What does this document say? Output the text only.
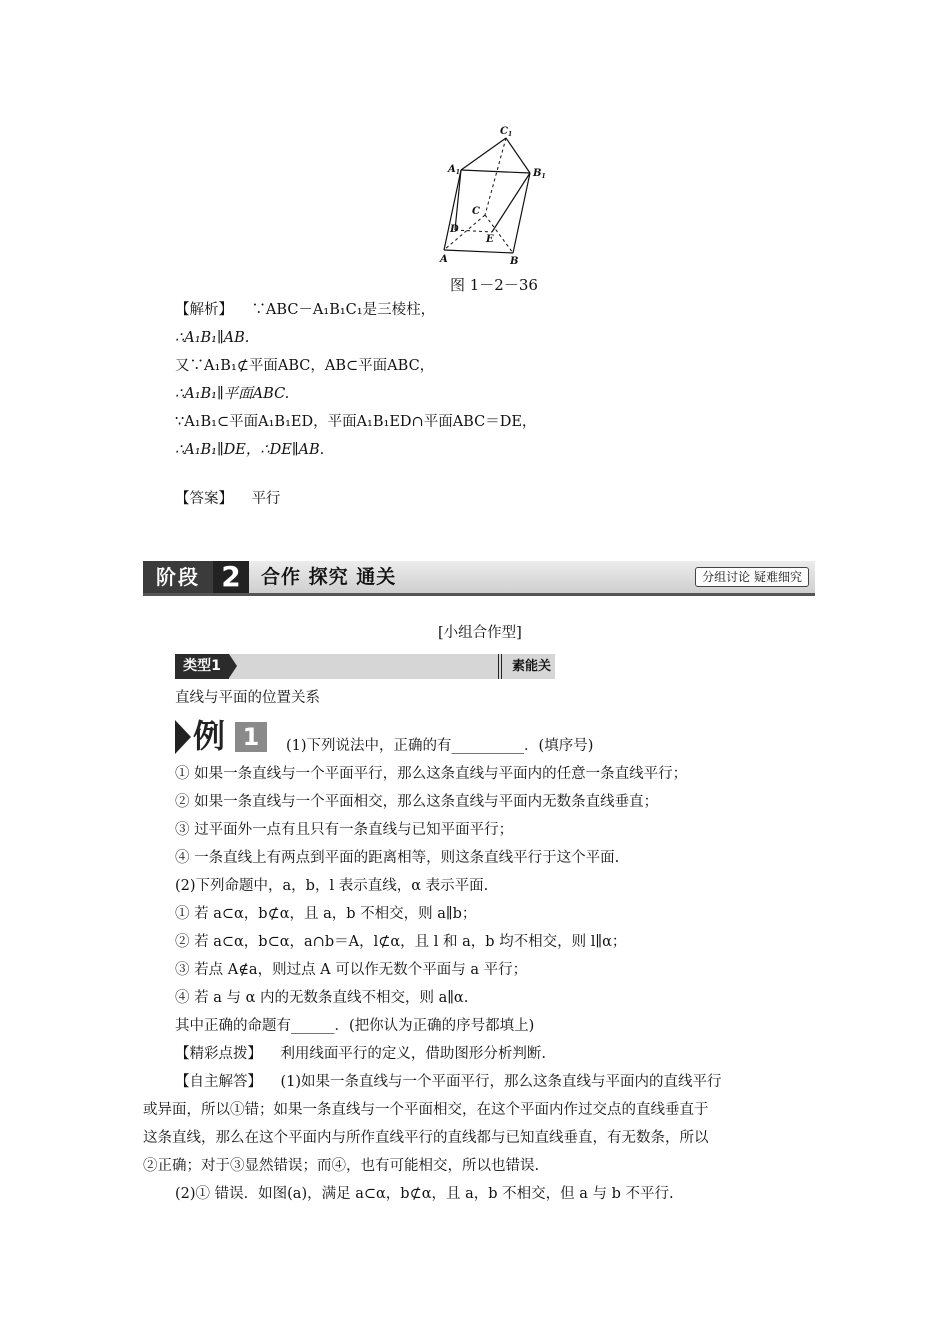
$C_1$
$A_1$	$B_1$
C
D
E
A	B
图 1－2－36
【解析】 ∵ABC－A₁B₁C₁是三棱柱，
∴A₁B₁∥AB.
又∵A₁B₁⊄平面ABC，AB⊂平面ABC，
∴A₁B₁∥平面ABC.
∵A₁B₁⊂平面A₁B₁ED，平面A₁B₁ED∩平面ABC＝DE，
∴A₁B₁∥DE，∴DE∥AB.
【答案】 平行
阶段 2	合作 探究 通关	分组讨论 疑难细究
[小组合作型]
类型1	素能关
直线与平面的位置关系
例 1	(1)下列说法中，正确的有__________．(填序号)
① 如果一条直线与一个平面平行，那么这条直线与平面内的任意一条直线平行；
② 如果一条直线与一个平面相交，那么这条直线与平面内无数条直线垂直；
③ 过平面外一点有且只有一条直线与已知平面平行；
④ 一条直线上有两点到平面的距离相等，则这条直线平行于这个平面.
(2)下列命题中，a，b，l 表示直线，α 表示平面.
① 若 a⊂α，b⊄α，且 a，b 不相交，则 a∥b；
② 若 a⊂α，b⊂α，a∩b＝A，l⊄α，且 l 和 a，b 均不相交，则 l∥α；
③ 若点 A∉a，则过点 A 可以作无数个平面与 a 平行；
④ 若 a 与 α 内的无数条直线不相交，则 a∥α.
其中正确的命题有______．(把你认为正确的序号都填上)
【精彩点拨】 利用线面平行的定义，借助图形分析判断.
【自主解答】 (1)如果一条直线与一个平面平行，那么这条直线与平面内的直线平行
或异面，所以①错；如果一条直线与一个平面相交，在这个平面内作过交点的直线垂直于
这条直线，那么在这个平面内与所作直线平行的直线都与已知直线垂直，有无数条，所以
②正确；对于③显然错误；而④，也有可能相交，所以也错误.
(2)① 错误．如图(a)，满足 a⊂α，b⊄α，且 a，b 不相交，但 a 与 b 不平行.
